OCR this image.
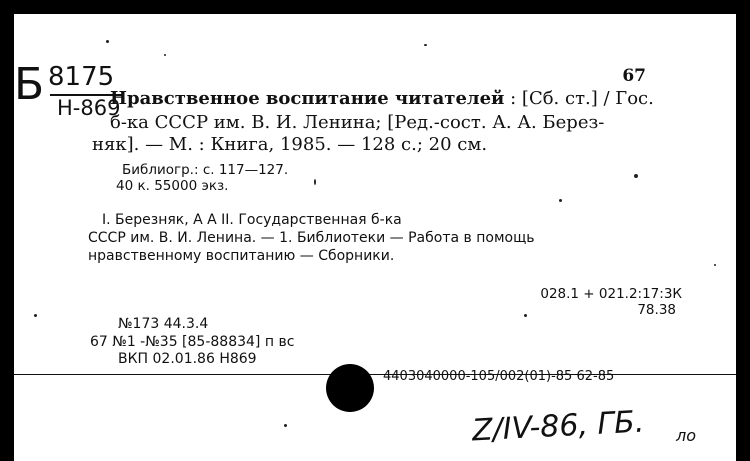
Б 8175
Н-869
67
Нравственное воспитание читателей : [Сб. ст.] / Гос.
б-ка СССР им. В. И. Ленина; [Ред.-сост. А. А. Берез-
няк]. — М. : Книга, 1985. — 128 с.; 20 см.
Библиогр.: с. 117—127.
40 к. 55000 экз.
I. Березняк, А А II. Государственная б-ка
СССР им. В. И. Ленина. — 1. Библиотеки — Работа в помощь
нравственному воспитанию — Сборники.
028.1 + 021.2:17:3К
78.38
№173 44.3.4
67 №1 -№35 [85-88834] п вс
ВКП 02.01.86 Н869
4403040000-105/002(01)-85 62-85
Z/IV-86, ГБ. ло
